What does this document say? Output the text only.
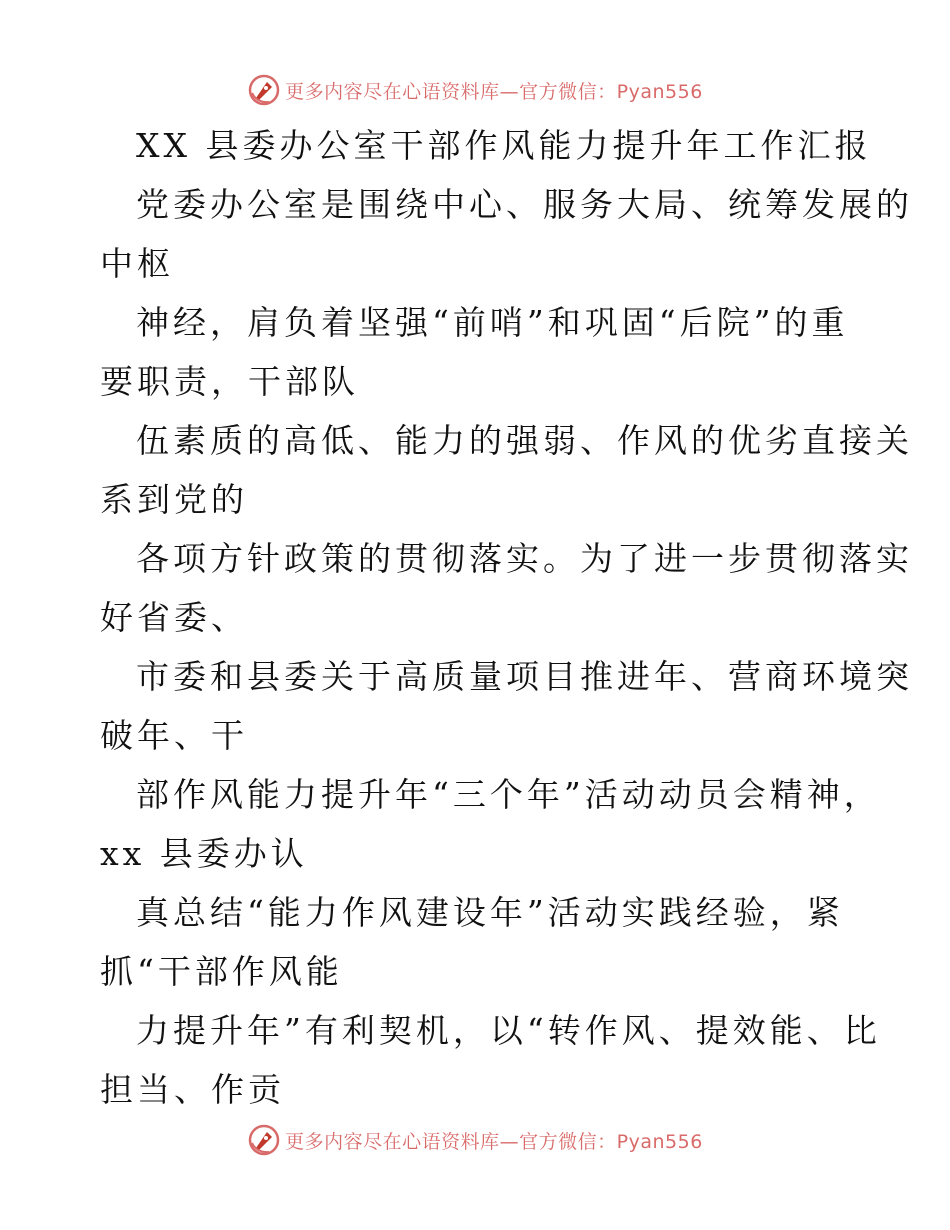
更多内容尽在心语资料库—官方微信：Pyan556
XX 县委办公室干部作风能力提升年工作汇报
党委办公室是围绕中心、服务大局、统筹发展的
中枢
神经，肩负着坚强“前哨”和巩固“后院”的重
要职责，干部队
伍素质的高低、能力的强弱、作风的优劣直接关
系到党的
各项方针政策的贯彻落实。为了进一步贯彻落实
好省委、
市委和县委关于高质量项目推进年、营商环境突
破年、干
部作风能力提升年“三个年”活动动员会精神，
xx 县委办认
真总结“能力作风建设年”活动实践经验，紧
抓“干部作风能
力提升年”有利契机，以“转作风、提效能、比
担当、作贡
更多内容尽在心语资料库—官方微信：Pyan556
